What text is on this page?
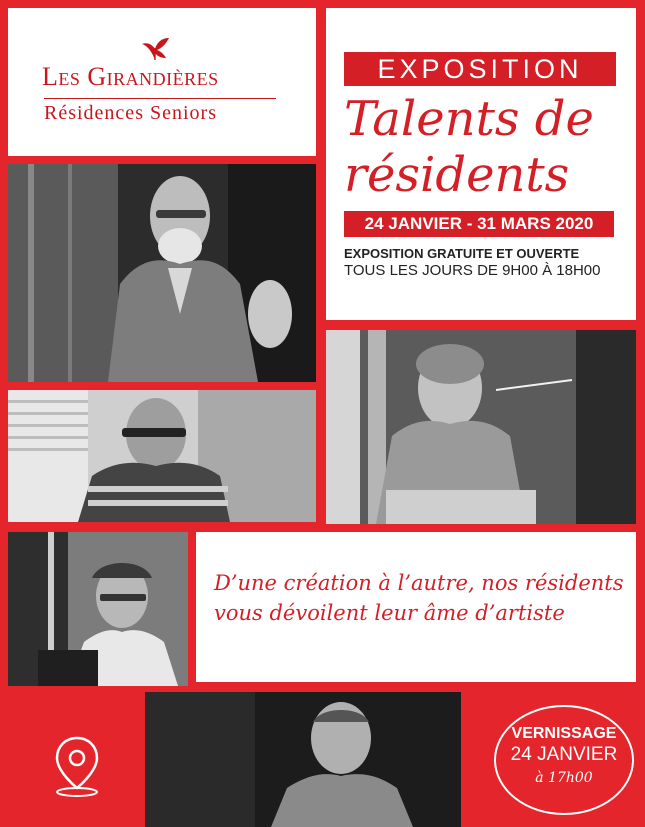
Les Girandières
Résidences Seniors
EXPOSITION
Talents de
résidents
24 JANVIER - 31 MARS 2020
EXPOSITION GRATUITE ET OUVERTE
TOUS LES JOURS DE 9H00 À 18H00
D’une création à l’autre, nos résidents vous dévoilent leur âme d’artiste
VERNISSAGE
24 JANVIER
à 17h00
